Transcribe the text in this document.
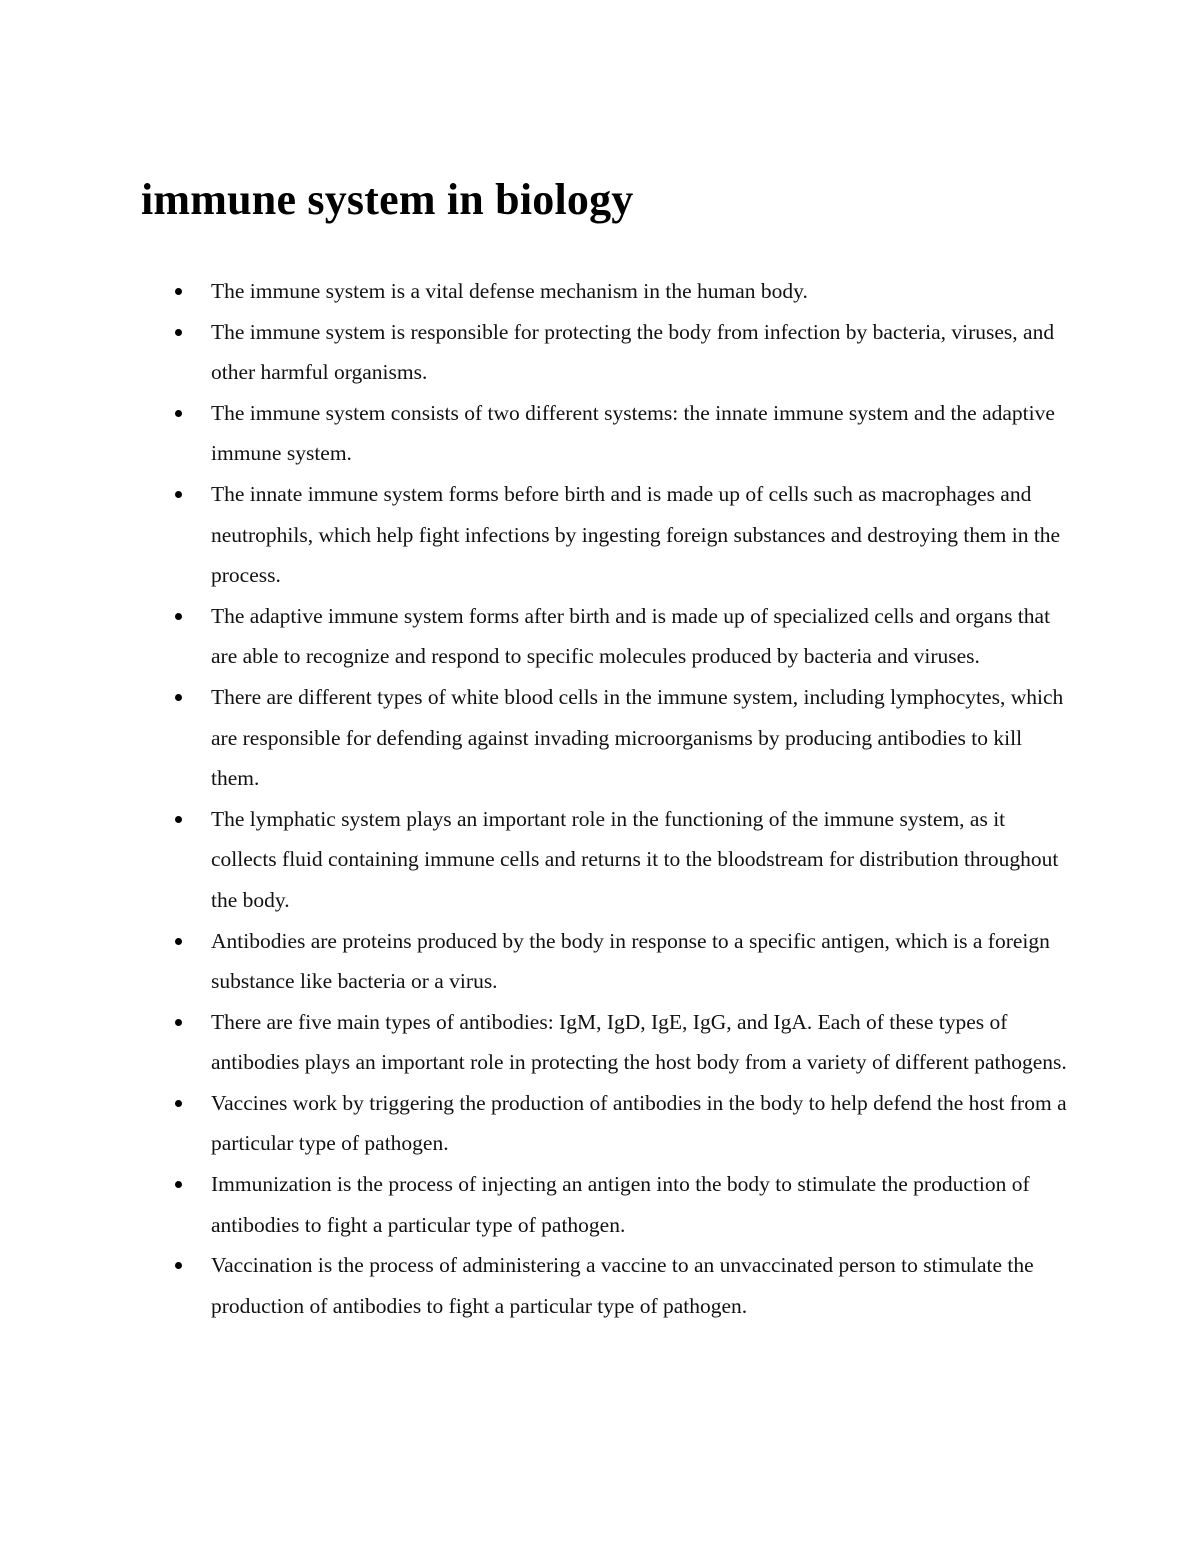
immune system in biology
The immune system is a vital defense mechanism in the human body.
The immune system is responsible for protecting the body from infection by bacteria, viruses, and other harmful organisms.
The immune system consists of two different systems: the innate immune system and the adaptive immune system.
The innate immune system forms before birth and is made up of cells such as macrophages and neutrophils, which help fight infections by ingesting foreign substances and destroying them in the process.
The adaptive immune system forms after birth and is made up of specialized cells and organs that are able to recognize and respond to specific molecules produced by bacteria and viruses.
There are different types of white blood cells in the immune system, including lymphocytes, which are responsible for defending against invading microorganisms by producing antibodies to kill them.
The lymphatic system plays an important role in the functioning of the immune system, as it collects fluid containing immune cells and returns it to the bloodstream for distribution throughout the body.
Antibodies are proteins produced by the body in response to a specific antigen, which is a foreign substance like bacteria or a virus.
There are five main types of antibodies: IgM, IgD, IgE, IgG, and IgA. Each of these types of antibodies plays an important role in protecting the host body from a variety of different pathogens.
Vaccines work by triggering the production of antibodies in the body to help defend the host from a particular type of pathogen.
Immunization is the process of injecting an antigen into the body to stimulate the production of antibodies to fight a particular type of pathogen.
Vaccination is the process of administering a vaccine to an unvaccinated person to stimulate the production of antibodies to fight a particular type of pathogen.
